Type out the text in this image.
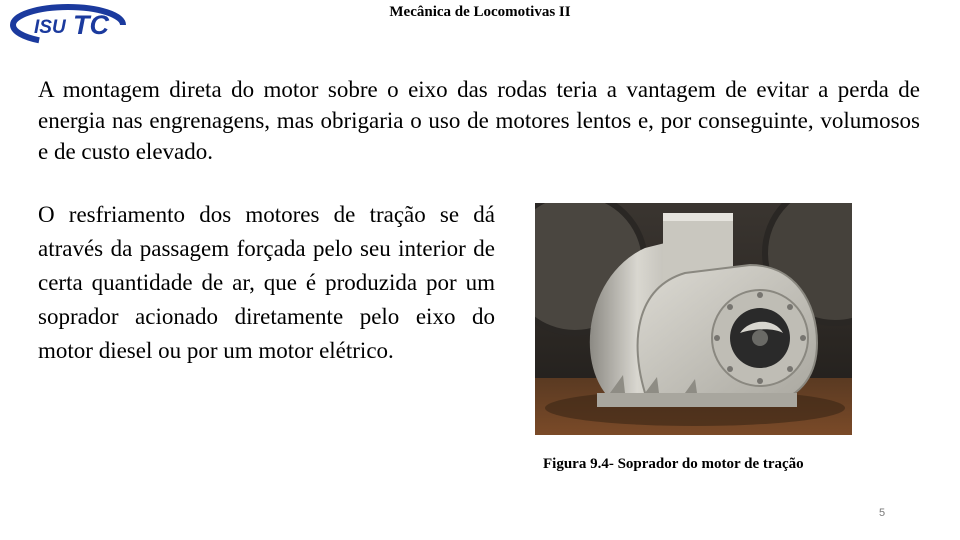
ISU TC	Mecânica de Locomotivas II
A montagem direta do motor sobre o eixo das rodas teria a vantagem de evitar a perda de energia nas engrenagens, mas obrigaria o uso de motores lentos e, por conseguinte, volumosos e de custo elevado.
O resfriamento dos motores de tração se dá através da passagem forçada pelo seu interior de certa quantidade de ar, que é produzida por um soprador acionado diretamente pelo eixo do motor diesel ou por um motor elétrico.
Figura 9.4- Soprador do motor de tração
5
